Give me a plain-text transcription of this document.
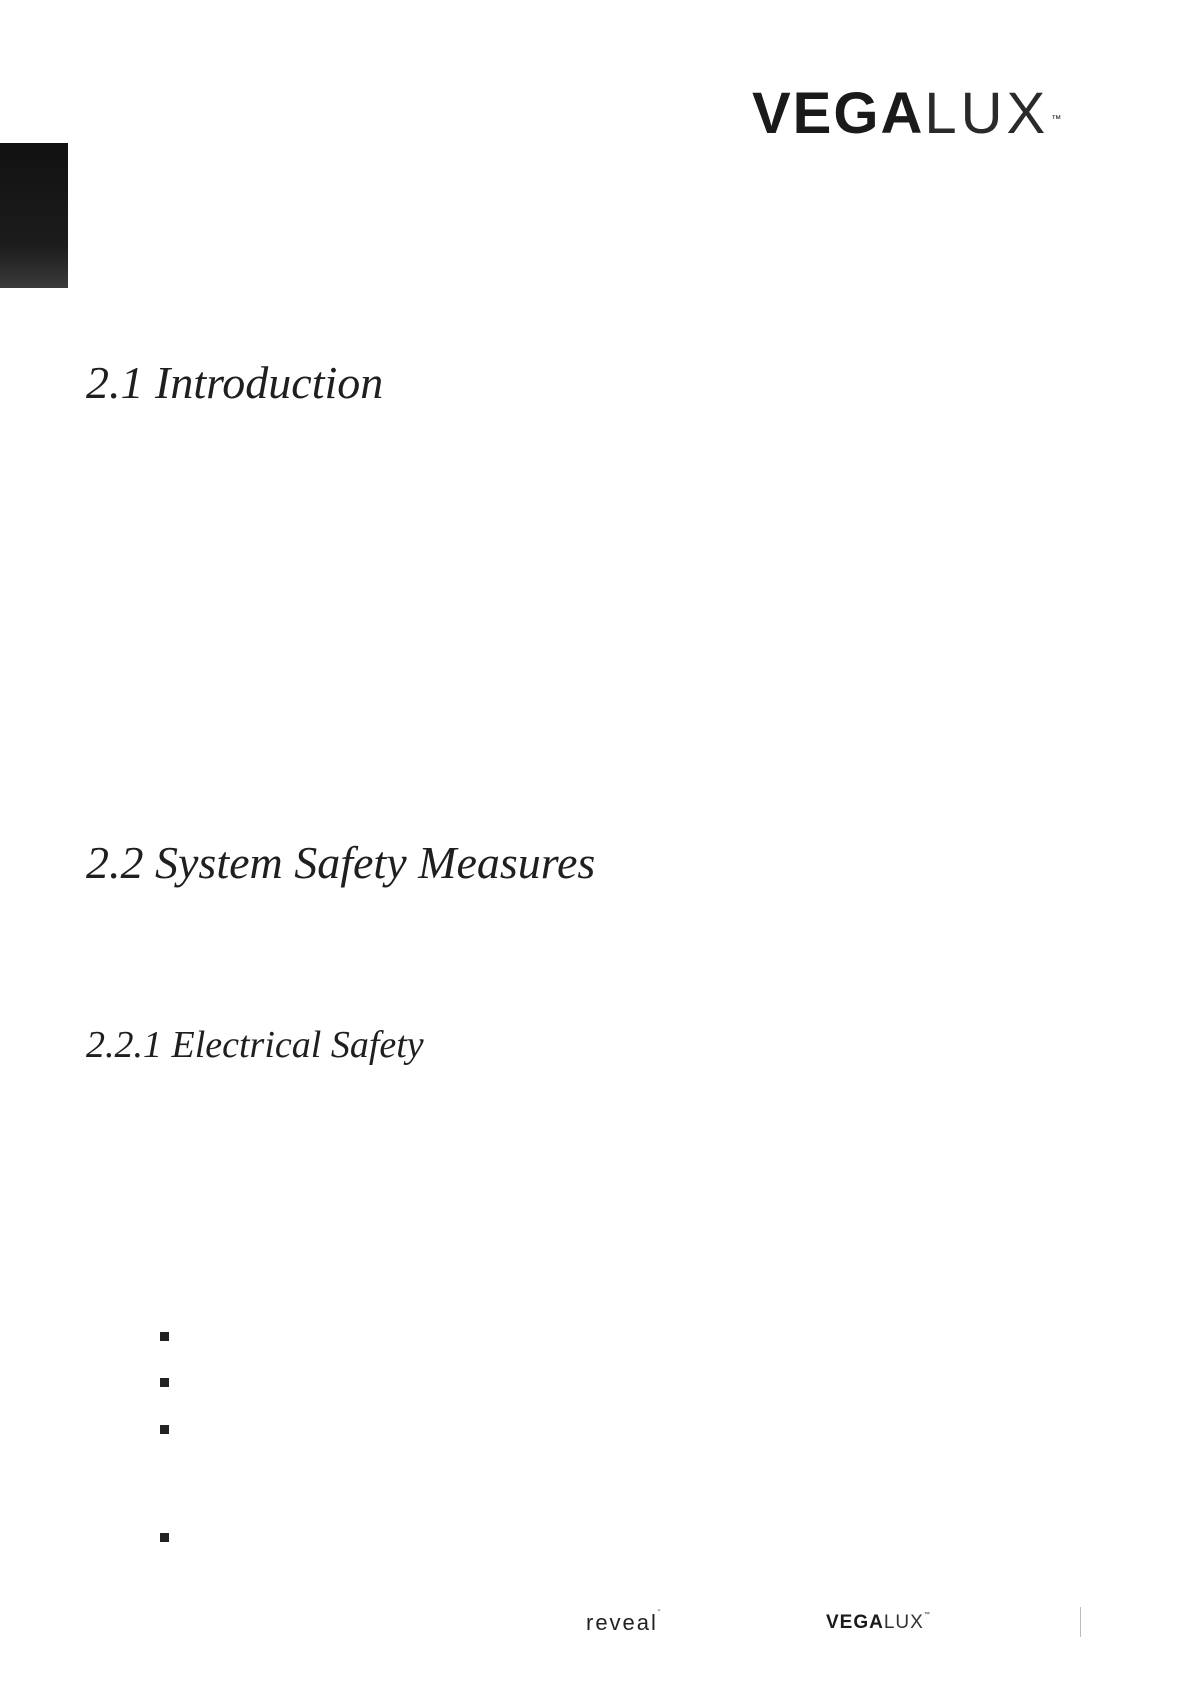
VEGALUX ™
2.1 Introduction
2.2 System Safety Measures
2.2.1 Electrical Safety
reveal˜	VEGALUX™
